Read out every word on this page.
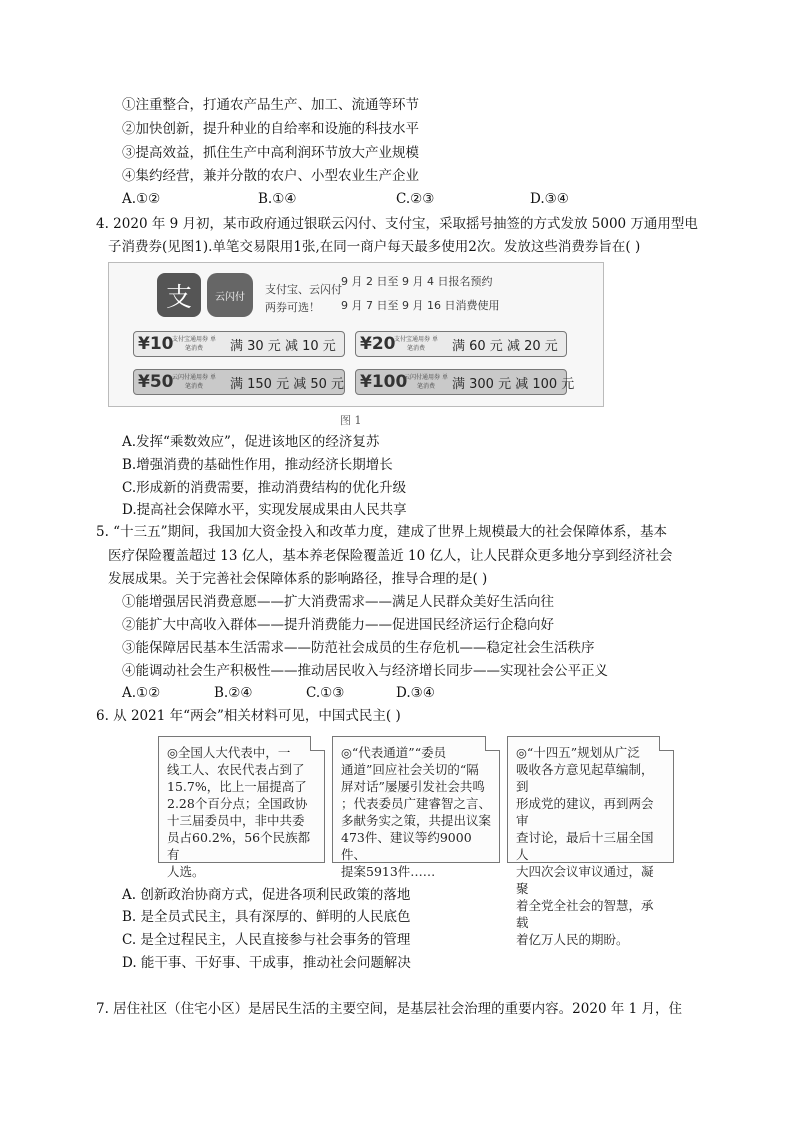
①注重整合，打通农产品生产、加工、流通等环节
②加快创新，提升种业的自给率和设施的科技水平
③提高效益，抓住生产中高利润环节放大产业规模
④集约经营，兼并分散的农户、小型农业生产企业
A.①②	B.①④	C.②③	D.③④
4. 2020 年 9 月初，某市政府通过银联云闪付、支付宝，采取摇号抽签的方式发放 5000 万通用型电
子消费券(见图1).单笔交易限用1张,在同一商户每天最多使用2次。发放这些消费券旨在( )
支	云闪付
支付宝、云闪付
两券可选！
9 月 2 日至 9 月 4 日报名预约
9 月 7 日至 9 月 16 日消费使用
¥10
支付宝通用券 单笔消费	满 30 元 减 10 元 ¥20
支付宝通用券 单笔消费	满 60 元 减 20 元
¥50
云闪付通用券 单笔消费	满 150 元 减 50 元 ¥100
云闪付通用券 单笔消费	满 300 元 减 100 元
图 1
A.发挥“乘数效应”，促进该地区的经济复苏
B.增强消费的基础性作用，推动经济长期增长
C.形成新的消费需要，推动消费结构的优化升级
D.提高社会保障水平，实现发展成果由人民共享
5. “十三五”期间，我国加大资金投入和改革力度，建成了世界上规模最大的社会保障体系，基本
医疗保险覆盖超过 13 亿人，基本养老保险覆盖近 10 亿人，让人民群众更多地分享到经济社会
发展成果。关于完善社会保障体系的影响路径，推导合理的是( )
①能增强居民消费意愿——扩大消费需求——满足人民群众美好生活向往
②能扩大中高收入群体——提升消费能力——促进国民经济运行企稳向好
③能保障居民基本生活需求——防范社会成员的生存危机——稳定社会生活秩序
④能调动社会生产积极性——推动居民收入与经济增长同步——实现社会公平正义
A.①②	B.②④	C.①③	D.③④
6. 从 2021 年“两会”相关材料可见，中国式民主( )
◎全国人大代表中，一
线工人、农民代表占到了
15.7%，比上一届提高了
2.28个百分点；全国政协
十三届委员中，非中共委
员占60.2%，56个民族都有
人选。
◎“代表通道”“委员
通道”回应社会关切的“隔
屏对话”屡屡引发社会共鸣
；代表委员广建睿智之言、
多献务实之策，共提出议案
473件、建议等约9000件、
提案5913件……
◎“十四五”规划从广泛
吸收各方意见起草编制，到
形成党的建议，再到两会审
查讨论，最后十三届全国人
大四次会议审议通过，凝聚
着全党全社会的智慧，承载
着亿万人民的期盼。
A. 创新政治协商方式，促进各项利民政策的落地
B. 是全员式民主，具有深厚的、鲜明的人民底色
C. 是全过程民主，人民直接参与社会事务的管理
D. 能干事、干好事、干成事，推动社会问题解决
7. 居住社区（住宅小区）是居民生活的主要空间，是基层社会治理的重要内容。2020 年 1 月，住
